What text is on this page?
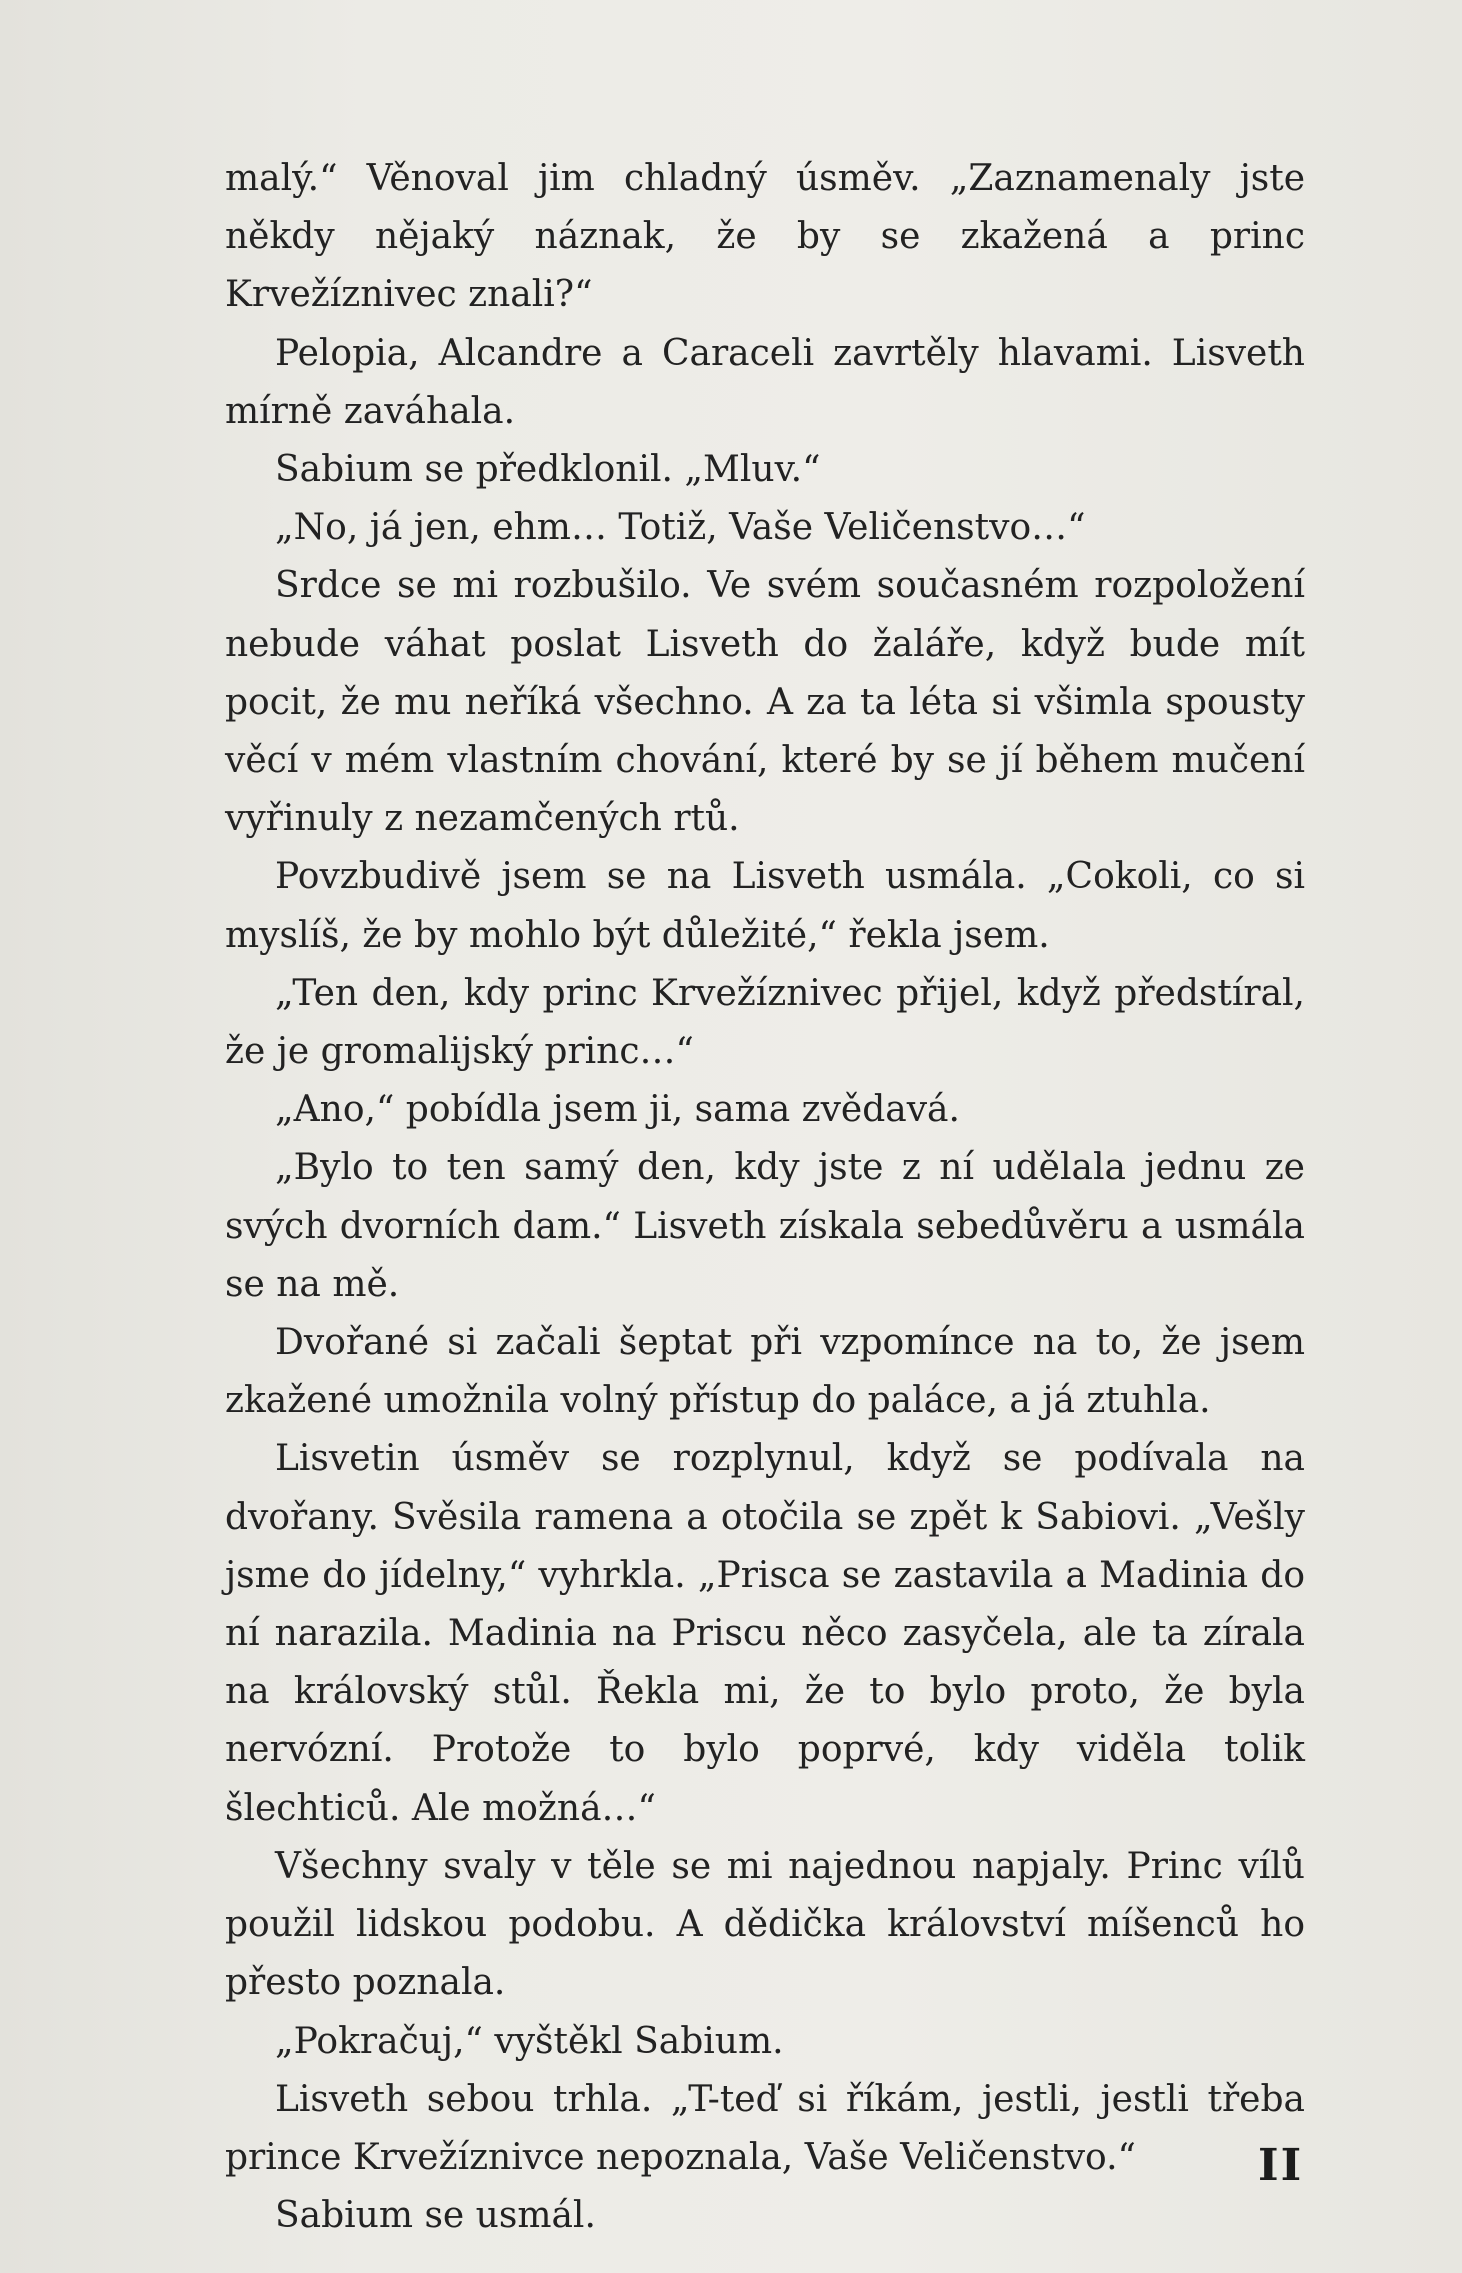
malý.“ Věnoval jim chladný úsměv. „Zaznamenaly jste někdy nějaký náznak, že by se zkažená a princ Krvežíznivec znali?“

Pelopia, Alcandre a Caraceli zavrtěly hlavami. Lisveth mírně zaváhala.

Sabium se předklonil. „Mluv.“

„No, já jen, ehm… Totiž, Vaše Veličenstvo…“

Srdce se mi rozbušilo. Ve svém současném rozpoložení nebude váhat poslat Lisveth do žaláře, když bude mít pocit, že mu neříká všechno. A za ta léta si všimla spousty věcí v mém vlastním chování, které by se jí během mučení vyřinuly z nezamčených rtů.

Povzbudivě jsem se na Lisveth usmála. „Cokoli, co si myslíš, že by mohlo být důležité,“ řekla jsem.

„Ten den, kdy princ Krvežíznivec přijel, když předstíral, že je gromalijský princ…“

„Ano,“ pobídla jsem ji, sama zvědavá.

„Bylo to ten samý den, kdy jste z ní udělala jednu ze svých dvorních dam.“ Lisveth získala sebedůvěru a usmála se na mě.

Dvořané si začali šeptat při vzpomínce na to, že jsem zkažené umožnila volný přístup do paláce, a já ztuhla.

Lisvetin úsměv se rozplynul, když se podívala na dvořany. Svěsila ramena a otočila se zpět k Sabiovi. „Vešly jsme do jídelny,“ vyhrkla. „Prisca se zastavila a Madinia do ní narazila. Madinia na Priscu něco zasyčela, ale ta zírala na královský stůl. Řekla mi, že to bylo proto, že byla nervózní. Protože to bylo poprvé, kdy viděla tolik šlechticů. Ale možná…“

Všechny svaly v těle se mi najednou napjaly. Princ vílů použil lidskou podobu. A dědička království míšenců ho přesto poznala.

„Pokračuj,“ vyštěkl Sabium.

Lisveth sebou trhla. „T-teď si říkám, jestli, jestli třeba prince Krvežíznivce nepoznala, Vaše Veličenstvo.“

Sabium se usmál.

II
